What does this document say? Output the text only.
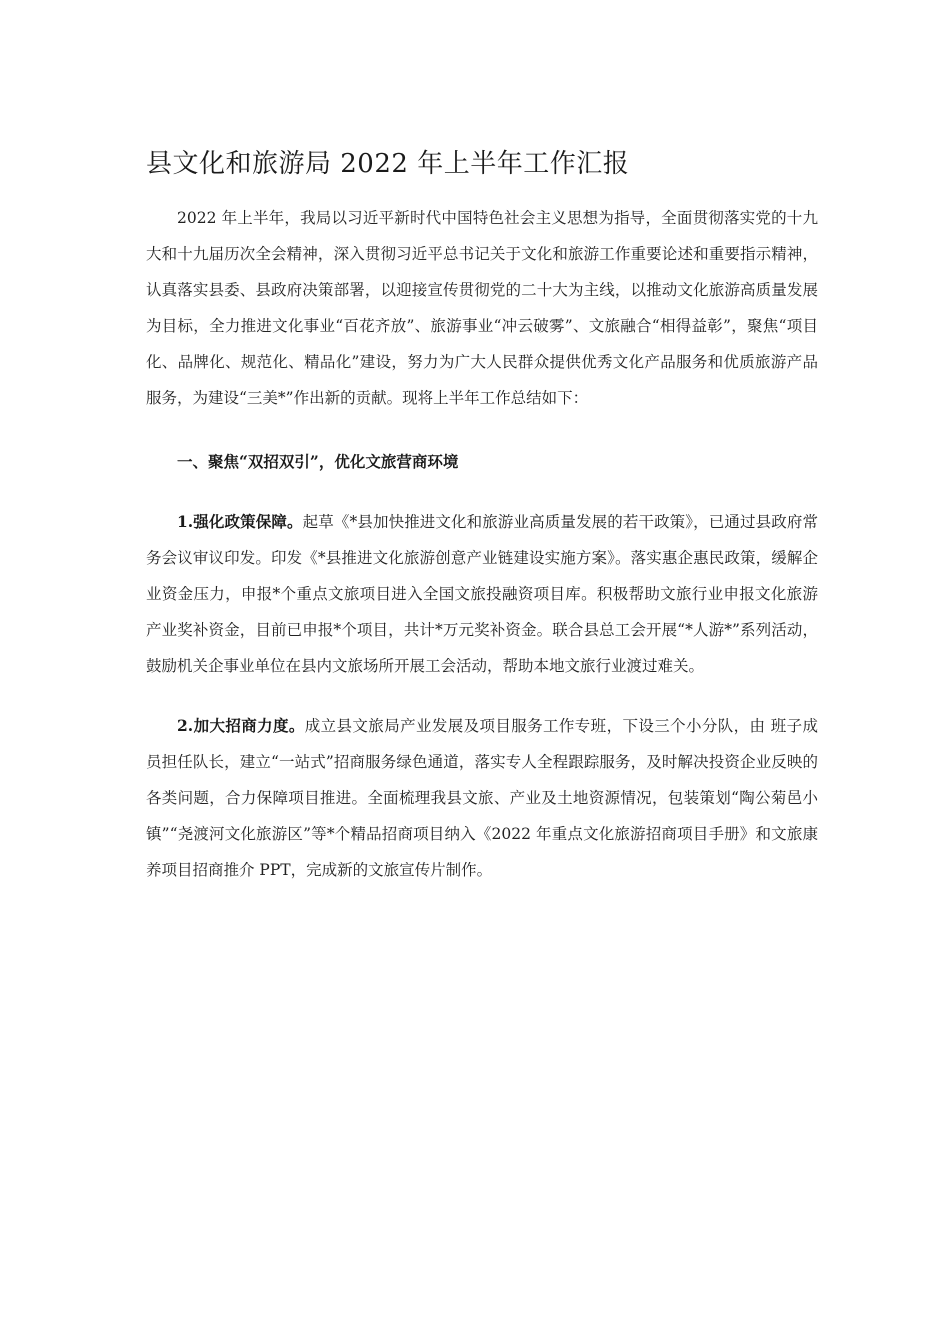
县文化和旅游局 2022 年上半年工作汇报

2022 年上半年，我局以习近平新时代中国特色社会主义思想为指导，全面贯彻落实党的十九大和十九届历次全会精神，深入贯彻习近平总书记关于文化和旅游工作重要论述和重要指示精神，认真落实县委、县政府决策部署，以迎接宣传贯彻党的二十大为主线，以推动文化旅游高质量发展为目标，全力推进文化事业“百花齐放”、旅游事业“冲云破雾”、文旅融合“相得益彰”，聚焦“项目化、品牌化、规范化、精品化”建设，努力为广大人民群众提供优秀文化产品服务和优质旅游产品服务，为建设“三美*”作出新的贡献。现将上半年工作总结如下：

一、聚焦“双招双引”，优化文旅营商环境

1.强化政策保障。起草《*县加快推进文化和旅游业高质量发展的若干政策》，已通过县政府常务会议审议印发。印发《*县推进文化旅游创意产业链建设实施方案》。落实惠企惠民政策，缓解企业资金压力，申报*个重点文旅项目进入全国文旅投融资项目库。积极帮助文旅行业申报文化旅游产业奖补资金，目前已申报*个项目，共计*万元奖补资金。联合县总工会开展“*人游*”系列活动，鼓励机关企事业单位在县内文旅场所开展工会活动，帮助本地文旅行业渡过难关。

2.加大招商力度。成立县文旅局产业发展及项目服务工作专班，下设三个小分队，由 班子成员担任队长，建立“一站式”招商服务绿色通道，落实专人全程跟踪服务，及时解决投资企业反映的各类问题，合力保障项目推进。全面梳理我县文旅、产业及土地资源情况，包装策划“陶公菊邑小镇”“尧渡河文化旅游区”等*个精品招商项目纳入《2022 年重点文化旅游招商项目手册》和文旅康养项目招商推介 PPT，完成新的文旅宣传片制作。
